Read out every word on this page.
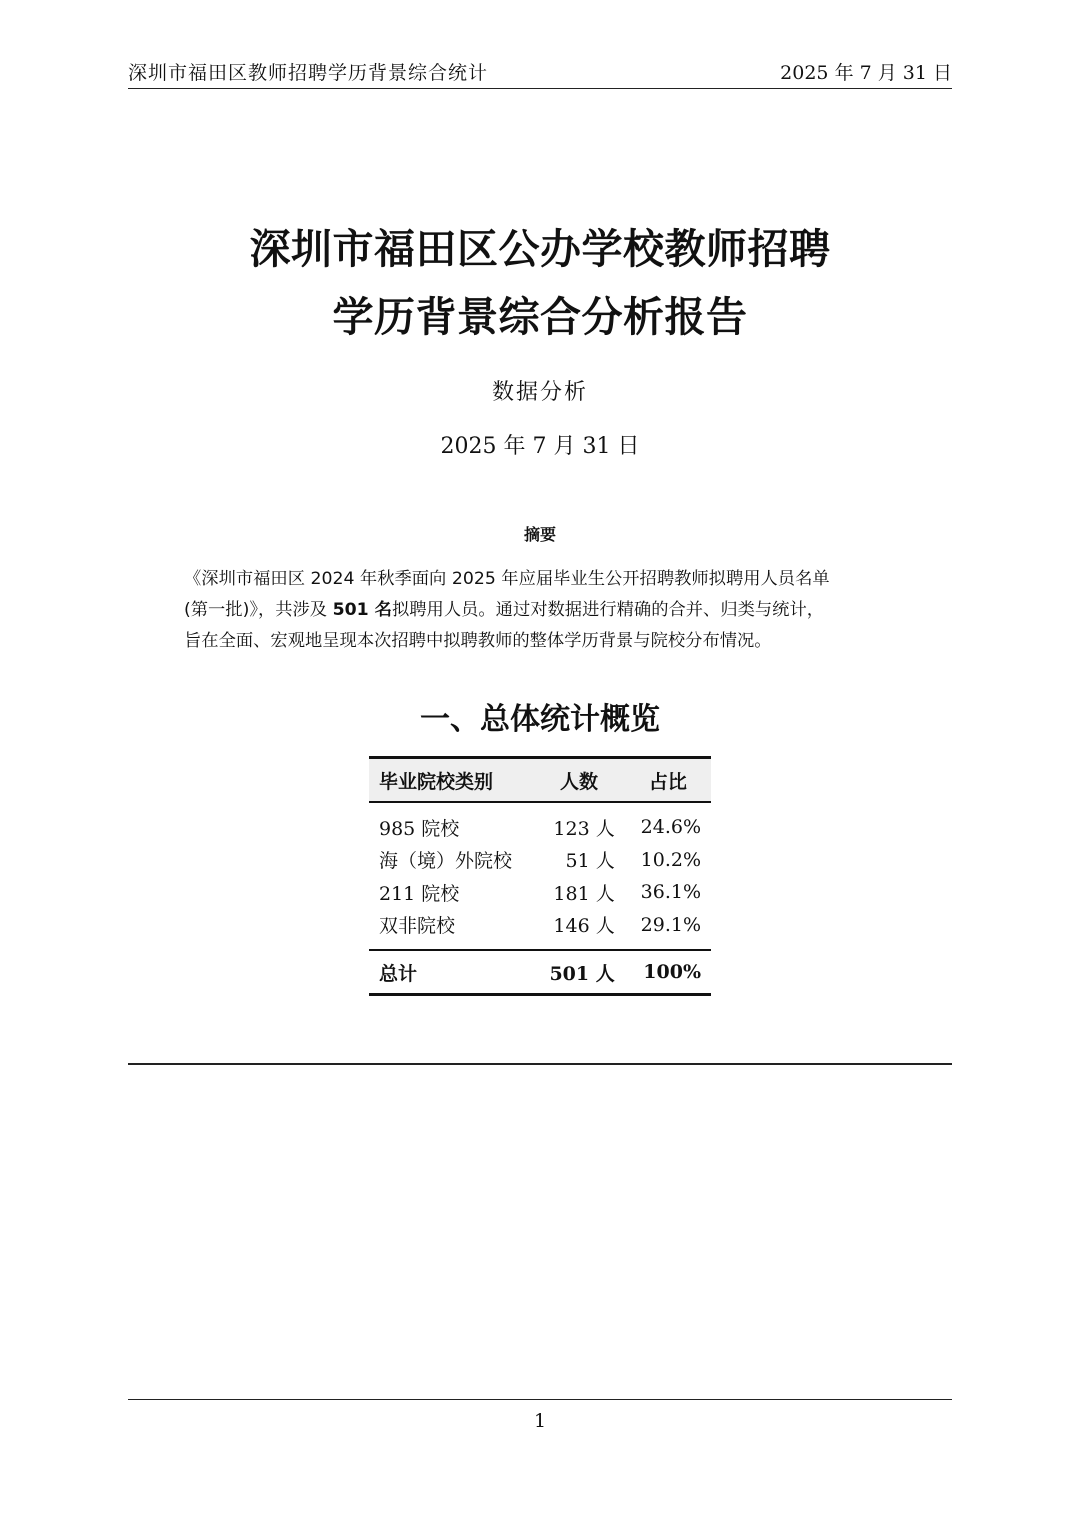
深圳市福田区教师招聘学历背景综合统计	2025 年 7 月 31 日
深圳市福田区公办学校教师招聘
学历背景综合分析报告
数据分析
2025 年 7 月 31 日
摘要
《深圳市福田区 2024 年秋季面向 2025 年应届毕业生公开招聘教师拟聘用人员名单
(第一批)》，共涉及 501 名拟聘用人员。通过对数据进行精确的合并、归类与统计，
旨在全面、宏观地呈现本次招聘中拟聘教师的整体学历背景与院校分布情况。
一、总体统计概览
毕业院校类别	人数	占比
985 院校	123 人	24.6%
海（境）外院校	51 人	10.2%
211 院校	181 人	36.1%
双非院校	146 人	29.1%
总计	501 人	100%
1
